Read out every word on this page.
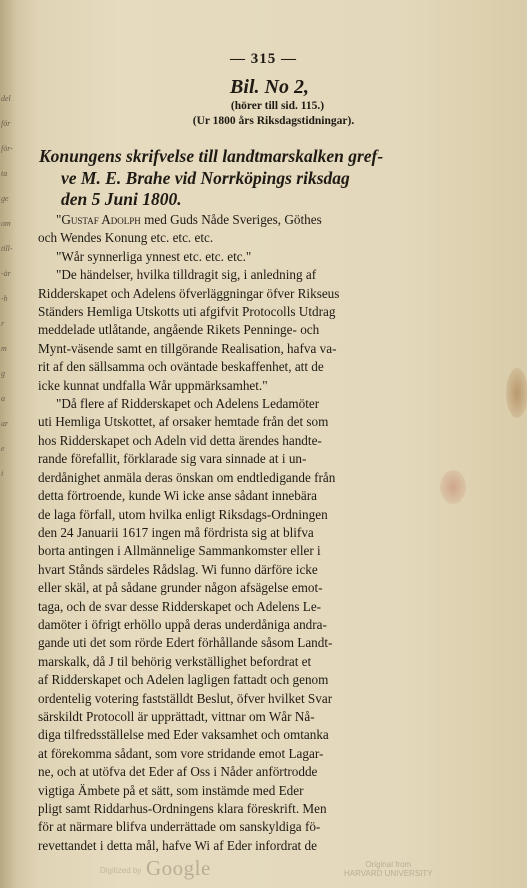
del
för
för-
ta
ge
om
till-
-är
-h
r
m
g
a
ar
e
i
— 315 —
Bil. No 2,
(hörer till sid. 115.)
(Ur 1800 års Riksdagstidningar).
Konungens skrifvelse till landtmarskalken gref-
ve M. E. Brahe vid Norrköpings riksdag
den 5 Juni 1800.
"Gustaf Adolph med Guds Nåde Sveriges, Göthes
och Wendes Konung etc. etc. etc.
"Wår synnerliga ynnest etc. etc. etc."
"De händelser, hvilka tilldragit sig, i anledning af
Ridderskapet och Adelens öfverläggningar öfver Rikseus
Ständers Hemliga Utskotts uti afgifvit Protocolls Utdrag
meddelade utlåtande, angående Rikets Penninge- och
Mynt-väsende samt en tillgörande Realisation, hafva va-
rit af den sällsamma och oväntade beskaffenhet, att de
icke kunnat undfalla Wår uppmärksamhet."
"Då flere af Ridderskapet och Adelens Ledamöter
uti Hemliga Utskottet, af orsaker hemtade från det som
hos Ridderskapet och Adeln vid detta ärendes handte-
rande förefallit, förklarade sig vara sinnade at i un-
derdånighet anmäla deras önskan om endtledigande från
detta förtroende, kunde Wi icke anse sådant innebära
de laga förfall, utom hvilka enligt Riksdags-Ordningen
den 24 Januarii 1617 ingen må fördrista sig at blifva
borta antingen i Allmännelige Sammankomster eller i
hvart Stånds särdeles Rådslag. Wi funno därföre icke
eller skäl, at på sådane grunder någon afsägelse emot-
taga, och de svar desse Ridderskapet och Adelens Le-
damöter i öfrigt erhöllo uppå deras underdåniga andra-
gande uti det som rörde Edert förhållande såsom Landt-
marskalk, då J til behörig verkställighet befordrat et
af Ridderskapet och Adelen lagligen fattadt och genom
ordentelig votering fastställdt Beslut, öfver hvilket Svar
särskildt Protocoll är upprättadt, vittnar om Wår Nå-
diga tilfredsställelse med Eder vaksamhet och omtanka
at förekomma sådant, som vore stridande emot Lagar-
ne, och at utöfva det Eder af Oss i Nåder anförtrodde
vigtiga Ämbete på et sätt, som instämde med Eder
pligt samt Riddarhus-Ordningens klara föreskrift. Men
för at närmare blifva underrättade om sanskyldiga fö-
revettandet i detta mål, hafve Wi af Eder infordrat de
Digitized by Google	Original from
HARVARD UNIVERSITY
